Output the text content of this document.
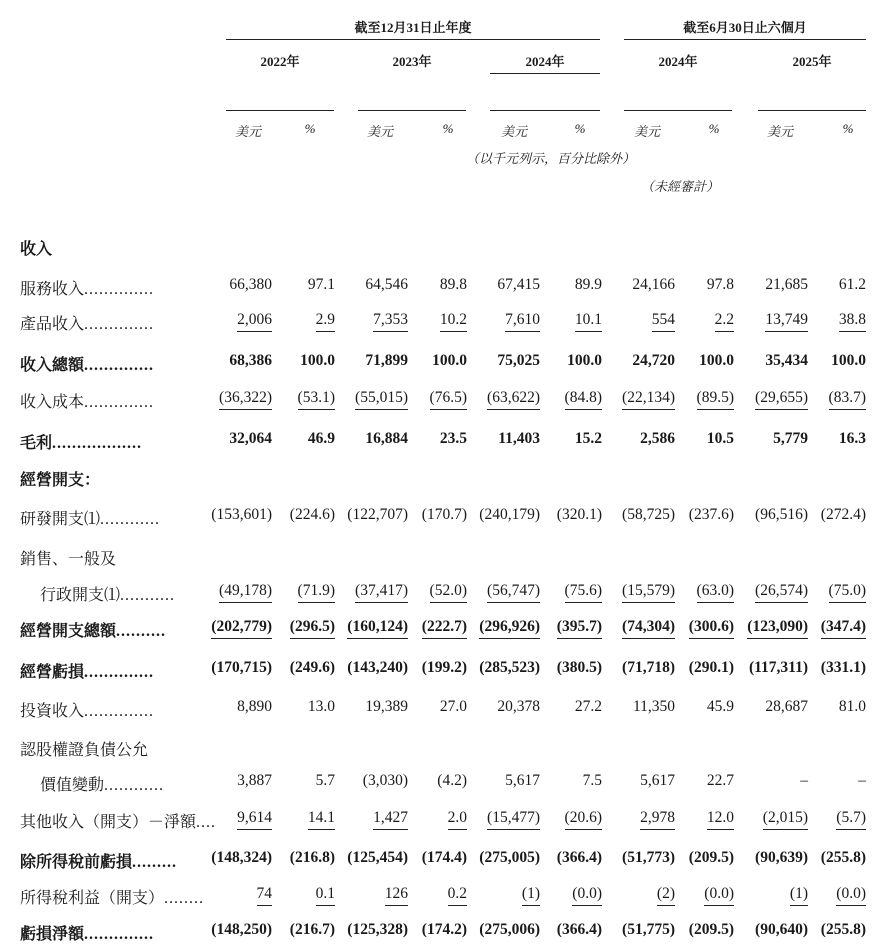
截至12月31日止年度	截至6月30日止六個月
2022年	2023年	2024年	2024年	2025年
美元	%	美元	%	美元	%	美元	%	美元	%
（以千元列示，百分比除外）
（未經審計）
收入
服務收入..............	66,380 97.1 64,546 89.8 67,415 89.9 24,166 97.8 21,685 61.2
產品收入..............	2,006	2.9 7,353 10.2 7,610 10.1	554	2.2 13,749 38.8
收入總額..............	68,386 100.0 71,899 100.0 75,025 100.0 24,720 100.0 35,434 100.0
收入成本..............	(36,322) (53.1) (55,015) (76.5) (63,622) (84.8) (22,134) (89.5) (29,655) (83.7)
毛利..................	32,064 46.9 16,884 23.5 11,403 15.2 2,586 10.5	5,779 16.3
經營開支：
研發開支⑴............	(153,601) (224.6) (122,707) (170.7) (240,179) (320.1) (58,725) (237.6) (96,516) (272.4)
銷售、一般及
行政開支⑴...........	(49,178) (71.9) (37,417) (52.0) (56,747) (75.6) (15,579) (63.0) (26,574) (75.0)
經營開支總額..........	(202,779) (296.5) (160,124) (222.7) (296,926) (395.7) (74,304) (300.6) (123,090) (347.4)
經營虧損..............	(170,715) (249.6) (143,240) (199.2) (285,523) (380.5) (71,718) (290.1) (117,311) (331.1)
投資收入..............	8,890 13.0 19,389 27.0 20,378 27.2 11,350 45.9 28,687 81.0
認股權證負債公允
價值變動............	3,887	5.7 (3,030) (4.2) 5,617	7.5 5,617 22.7	–	–
其他收入（開支）－淨額.... 9,614 14.1 1,427	2.0 (15,477) (20.6) 2,978 12.0 (2,015) (5.7)
除所得稅前虧損......... (148,324) (216.8) (125,454) (174.4) (275,005) (366.4) (51,773) (209.5) (90,639) (255.8)
所得稅利益（開支）........	74	0.1	126	0.2	(1) (0.0)	(2) (0.0)	(1) (0.0)
虧損淨額..............	(148,250) (216.7) (125,328) (174.2) (275,006) (366.4) (51,775) (209.5) (90,640) (255.8)
